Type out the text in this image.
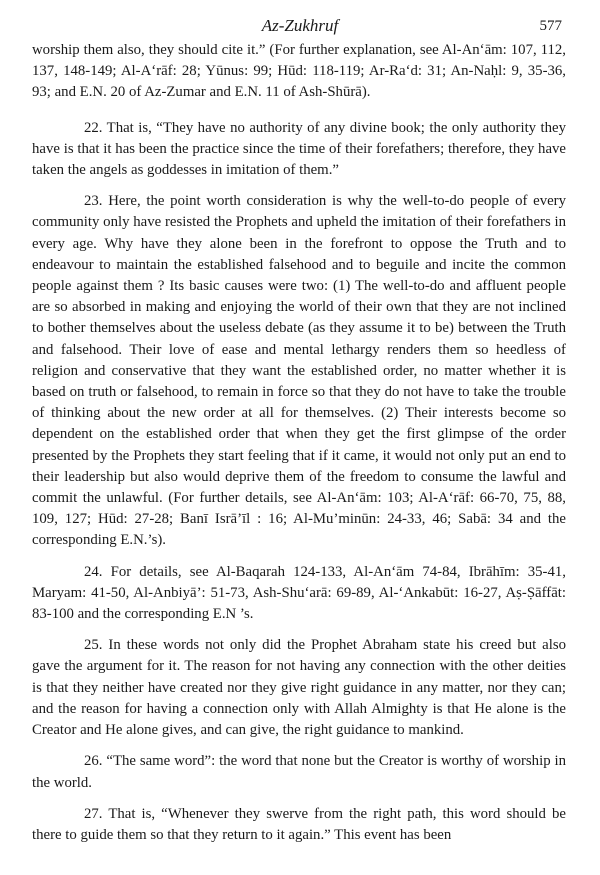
Az-Zukhruf	577

worship them also, they should cite it.” (For further explanation, see Al-An‘ām: 107, 112, 137, 148-149; Al-A‘rāf: 28; Yūnus: 99; Hūd: 118-119; Ar-Ra‘d: 31; An-Naḥl: 9, 35-36, 93; and E.N. 20 of Az-Zumar and E.N. 11 of Ash-Shūrā).

22. That is, “They have no authority of any divine book; the only authority they have is that it has been the practice since the time of their forefathers; therefore, they have taken the angels as goddesses in imitation of them.”

23. Here, the point worth consideration is why the well-to-do people of every community only have resisted the Prophets and upheld the imitation of their forefathers in every age. Why have they alone been in the forefront to oppose the Truth and to endeavour to maintain the established falsehood and to beguile and incite the common people against them ? Its basic causes were two: (1) The well-to-do and affluent people are so absorbed in making and enjoying the world of their own that they are not inclined to bother themselves about the useless debate (as they assume it to be) between the Truth and falsehood. Their love of ease and mental lethargy renders them so heedless of religion and conservative that they want the established order, no matter whether it is based on truth or falsehood, to remain in force so that they do not have to take the trouble of thinking about the new order at all for themselves. (2) Their interests become so dependent on the established order that when they get the first glimpse of the order presented by the Prophets they start feeling that if it came, it would not only put an end to their leadership but also would deprive them of the freedom to consume the lawful and commit the unlawful. (For further details, see Al-An‘ām: 103; Al-A‘rāf: 66-70, 75, 88, 109, 127; Hūd: 27-28; Banī Isrā’īl : 16; Al-Mu’minūn: 24-33, 46; Sabā: 34 and the corresponding E.N.’s).

24. For details, see Al-Baqarah 124-133, Al-An‘ām 74-84, Ibrāhīm: 35-41, Maryam: 41-50, Al-Anbiyā’: 51-73, Ash-Shu‘arā: 69-89, Al-‘Ankabūt: 16-27, Aṣ-Ṣāffāt: 83-100 and the corresponding E.N ’s.

25. In these words not only did the Prophet Abraham state his creed but also gave the argument for it. The reason for not having any connection with the other deities is that they neither have created nor they give right guidance in any matter, nor they can; and the reason for having a connection only with Allah Almighty is that He alone is the Creator and He alone gives, and can give, the right guidance to mankind.

26. “The same word”: the word that none but the Creator is worthy of worship in the world.

27. That is, “Whenever they swerve from the right path, this word should be there to guide them so that they return to it again.” This event has been
